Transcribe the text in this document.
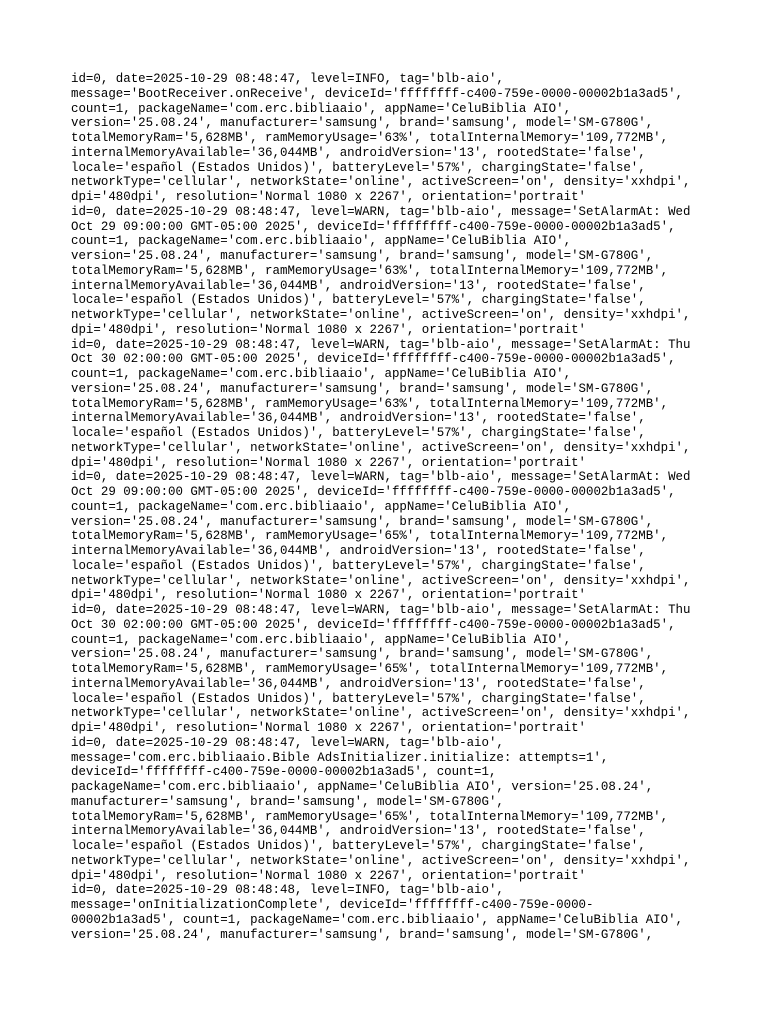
id=0, date=2025-10-29 08:48:47, level=INFO, tag='blb-aio',
message='BootReceiver.onReceive', deviceId='ffffffff-c400-759e-0000-00002b1a3ad5',
count=1, packageName='com.erc.bibliaaio', appName='CeluBiblia AIO',
version='25.08.24', manufacturer='samsung', brand='samsung', model='SM-G780G',
totalMemoryRam='5,628MB', ramMemoryUsage='63%', totalInternalMemory='109,772MB',
internalMemoryAvailable='36,044MB', androidVersion='13', rootedState='false',
locale='español (Estados Unidos)', batteryLevel='57%', chargingState='false',
networkType='cellular', networkState='online', activeScreen='on', density='xxhdpi',
dpi='480dpi', resolution='Normal 1080 x 2267', orientation='portrait'
id=0, date=2025-10-29 08:48:47, level=WARN, tag='blb-aio', message='SetAlarmAt: Wed
Oct 29 09:00:00 GMT-05:00 2025', deviceId='ffffffff-c400-759e-0000-00002b1a3ad5',
count=1, packageName='com.erc.bibliaaio', appName='CeluBiblia AIO',
version='25.08.24', manufacturer='samsung', brand='samsung', model='SM-G780G',
totalMemoryRam='5,628MB', ramMemoryUsage='63%', totalInternalMemory='109,772MB',
internalMemoryAvailable='36,044MB', androidVersion='13', rootedState='false',
locale='español (Estados Unidos)', batteryLevel='57%', chargingState='false',
networkType='cellular', networkState='online', activeScreen='on', density='xxhdpi',
dpi='480dpi', resolution='Normal 1080 x 2267', orientation='portrait'
id=0, date=2025-10-29 08:48:47, level=WARN, tag='blb-aio', message='SetAlarmAt: Thu
Oct 30 02:00:00 GMT-05:00 2025', deviceId='ffffffff-c400-759e-0000-00002b1a3ad5',
count=1, packageName='com.erc.bibliaaio', appName='CeluBiblia AIO',
version='25.08.24', manufacturer='samsung', brand='samsung', model='SM-G780G',
totalMemoryRam='5,628MB', ramMemoryUsage='63%', totalInternalMemory='109,772MB',
internalMemoryAvailable='36,044MB', androidVersion='13', rootedState='false',
locale='español (Estados Unidos)', batteryLevel='57%', chargingState='false',
networkType='cellular', networkState='online', activeScreen='on', density='xxhdpi',
dpi='480dpi', resolution='Normal 1080 x 2267', orientation='portrait'
id=0, date=2025-10-29 08:48:47, level=WARN, tag='blb-aio', message='SetAlarmAt: Wed
Oct 29 09:00:00 GMT-05:00 2025', deviceId='ffffffff-c400-759e-0000-00002b1a3ad5',
count=1, packageName='com.erc.bibliaaio', appName='CeluBiblia AIO',
version='25.08.24', manufacturer='samsung', brand='samsung', model='SM-G780G',
totalMemoryRam='5,628MB', ramMemoryUsage='65%', totalInternalMemory='109,772MB',
internalMemoryAvailable='36,044MB', androidVersion='13', rootedState='false',
locale='español (Estados Unidos)', batteryLevel='57%', chargingState='false',
networkType='cellular', networkState='online', activeScreen='on', density='xxhdpi',
dpi='480dpi', resolution='Normal 1080 x 2267', orientation='portrait'
id=0, date=2025-10-29 08:48:47, level=WARN, tag='blb-aio', message='SetAlarmAt: Thu
Oct 30 02:00:00 GMT-05:00 2025', deviceId='ffffffff-c400-759e-0000-00002b1a3ad5',
count=1, packageName='com.erc.bibliaaio', appName='CeluBiblia AIO',
version='25.08.24', manufacturer='samsung', brand='samsung', model='SM-G780G',
totalMemoryRam='5,628MB', ramMemoryUsage='65%', totalInternalMemory='109,772MB',
internalMemoryAvailable='36,044MB', androidVersion='13', rootedState='false',
locale='español (Estados Unidos)', batteryLevel='57%', chargingState='false',
networkType='cellular', networkState='online', activeScreen='on', density='xxhdpi',
dpi='480dpi', resolution='Normal 1080 x 2267', orientation='portrait'
id=0, date=2025-10-29 08:48:47, level=WARN, tag='blb-aio',
message='com.erc.bibliaaio.Bible AdsInitializer.initialize: attempts=1',
deviceId='ffffffff-c400-759e-0000-00002b1a3ad5', count=1,
packageName='com.erc.bibliaaio', appName='CeluBiblia AIO', version='25.08.24',
manufacturer='samsung', brand='samsung', model='SM-G780G',
totalMemoryRam='5,628MB', ramMemoryUsage='65%', totalInternalMemory='109,772MB',
internalMemoryAvailable='36,044MB', androidVersion='13', rootedState='false',
locale='español (Estados Unidos)', batteryLevel='57%', chargingState='false',
networkType='cellular', networkState='online', activeScreen='on', density='xxhdpi',
dpi='480dpi', resolution='Normal 1080 x 2267', orientation='portrait'
id=0, date=2025-10-29 08:48:48, level=INFO, tag='blb-aio',
message='onInitializationComplete', deviceId='ffffffff-c400-759e-0000-
00002b1a3ad5', count=1, packageName='com.erc.bibliaaio', appName='CeluBiblia AIO',
version='25.08.24', manufacturer='samsung', brand='samsung', model='SM-G780G',
